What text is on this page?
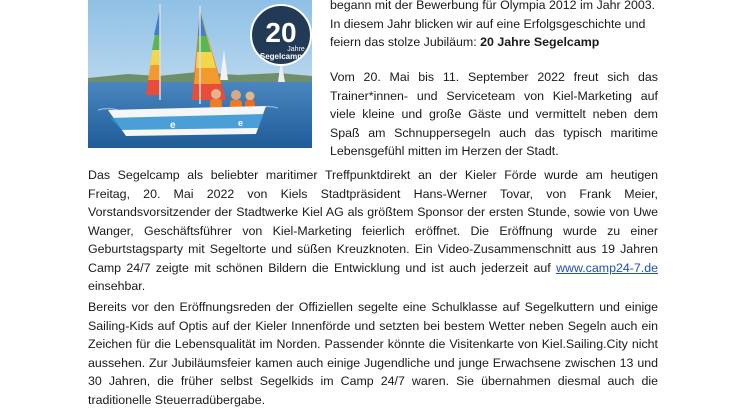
e	e
20
Jahre
Segelcamp
begann mit der Bewerbung für Olympia 2012 im Jahr 2003.
In diesem Jahr blicken wir auf eine Erfolgsgeschichte und
feiern das stolze Jubiläum: 20 Jahre Segelcamp
Vom 20. Mai bis 11. September 2022 freut sich das
Trainer*innen- und Serviceteam von Kiel-Marketing auf
viele kleine und große Gäste und vermittelt neben dem
Spaß am Schnuppersegeln auch das typisch maritime
Lebensgefühl mitten im Herzen der Stadt.
Das Segelcamp als beliebter maritimer Treffpunktdirekt an der Kieler Förde wurde am heutigen
Freitag, 20. Mai 2022 von Kiels Stadtpräsident Hans-Werner Tovar, von Frank Meier,
Vorstandsvorsitzender der Stadtwerke Kiel AG als größtem Sponsor der ersten Stunde, sowie von Uwe
Wanger, Geschäftsführer von Kiel-Marketing feierlich eröffnet. Die Eröffnung wurde zu einer
Geburtstagsparty mit Segeltorte und süßen Kreuzknoten. Ein Video-Zusammenschnitt aus 19 Jahren
Camp 24/7 zeigte mit schönen Bildern die Entwicklung und ist auch jederzeit auf www.camp24-7.de
einsehbar.
Bereits vor den Eröffnungsreden der Offiziellen segelte eine Schulklasse auf Segelkuttern und einige
Sailing-Kids auf Optis auf der Kieler Innenförde und setzten bei bestem Wetter neben Segeln auch ein
Zeichen für die Lebensqualität im Norden. Passender könnte die Visitenkarte von Kiel.Sailing.City nicht
aussehen. Zur Jubiläumsfeier kamen auch einige Jugendliche und junge Erwachsene zwischen 13 und
30 Jahren, die früher selbst Segelkids im Camp 24/7 waren. Sie übernahmen diesmal auch die
traditionelle Steuerradübergabe.
